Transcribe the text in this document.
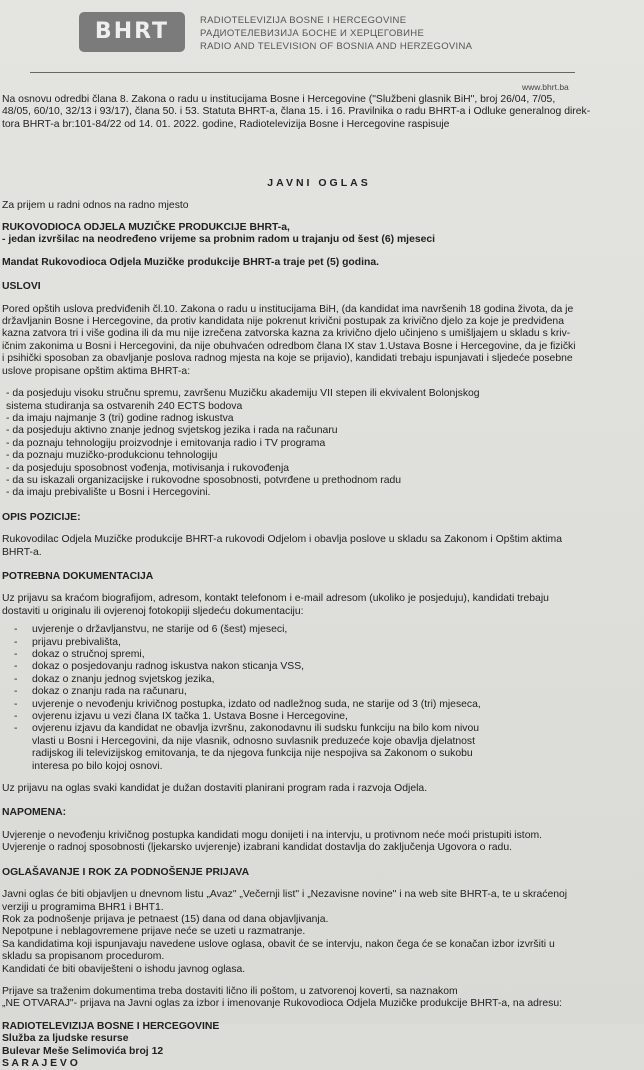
BHRT	RADIOTELEVIZIJA BOSNE I HERCEGOVINE
РАДИОТЕЛЕВИЗИЈА БОСНЕ И ХЕРЦЕГОВИНЕ
RADIO AND TELEVISION OF BOSNIA AND HERZEGOVINA
www.bhrt.ba

Na osnovu odredbi člana 8. Zakona o radu u institucijama Bosne i Hercegovine ("Službeni glasnik BiH", broj 26/04, 7/05,

48/05, 60/10, 32/13 i 93/17), člana 50. i 53. Statuta BHRT-a, člana 15. i 16. Pravilnika o radu BHRT-a i Odluke generalnog direk-

tora BHRT-a br:101-84/22 od 14. 01. 2022. godine, Radiotelevizija Bosne i Hercegovine raspisuje

JAVNI OGLAS

Za prijem u radni odnos na radno mjesto

RUKOVODIOCA ODJELA MUZIČKE PRODUKCIJE BHRT-a,

- jedan izvršilac na neodređeno vrijeme sa probnim radom u trajanju od šest (6) mjeseci

Mandat Rukovodioca Odjela Muzičke produkcije BHRT-a traje pet (5) godina.

USLOVI

Pored opštih uslova predviđenih čl.10. Zakona o radu u institucijama BiH, (da kandidat ima navršenih 18 godina života, da je

državljanin Bosne i Hercegovine, da protiv kandidata nije pokrenut krivični postupak za krivično djelo za koje je predviđena

kazna zatvora tri i više godina ili da mu nije izrečena zatvorska kazna za krivično djelo učinjeno s umišljajem u skladu s kriv-

ičnim zakonima u Bosni i Hercegovini, da nije obuhvaćen odredbom člana IX stav 1.Ustava Bosne i Hercegovine, da je fizički

i psihički sposoban za obavljanje poslova radnog mjesta na koje se prijavio), kandidati trebaju ispunjavati i sljedeće posebne

uslove propisane opštim aktima BHRT-a:

- da posjeduju visoku stručnu spremu, završenu Muzičku akademiju VII stepen ili ekvivalent Bolonjskog
sistema studiranja sa ostvarenih 240 ECTS bodova
- da imaju najmanje 3 (tri) godine radnog iskustva
- da posjeduju aktivno znanje jednog svjetskog jezika i rada na računaru
- da poznaju tehnologiju proizvodnje i emitovanja radio i TV programa
- da poznaju muzičko-produkcionu tehnologiju
- da posjeduju sposobnost vođenja, motivisanja i rukovođenja
- da su iskazali organizacijske i rukovodne sposobnosti, potvrđene u prethodnom radu
- da imaju prebivalište u Bosni i Hercegovini.

OPIS POZICIJE:

Rukovodilac Odjela Muzičke produkcije BHRT-a rukovodi Odjelom i obavlja poslove u skladu sa Zakonom i Opštim aktima

BHRT-a.

POTREBNA DOKUMENTACIJA

Uz prijavu sa kraćom biografijom, adresom, kontakt telefonom i e-mail adresom (ukoliko je posjeduju), kandidati trebaju

dostaviti u originalu ili ovjerenoj fotokopiji sljedeću dokumentaciju:

- uvjerenje o državljanstvu, ne starije od 6 (šest) mjeseci,
- prijavu prebivališta,
- dokaz o stručnoj spremi,
- dokaz o posjedovanju radnog iskustva nakon sticanja VSS,
- dokaz o znanju jednog svjetskog jezika,
- dokaz o znanju rada na računaru,
- uvjerenje o nevođenju krivičnog postupka, izdato od nadležnog suda, ne starije od 3 (tri) mjeseca,
- ovjerenu izjavu u vezi člana IX tačka 1. Ustava Bosne i Hercegovine,
- ovjerenu izjavu da kandidat ne obavlja izvršnu, zakonodavnu ili sudsku funkciju na bilo kom nivou
vlasti u Bosni i Hercegovini, da nije vlasnik, odnosno suvlasnik preduzeće koje obavlja djelatnost
radijskog ili televizijskog emitovanja, te da njegova funkcija nije nespojiva sa Zakonom o sukobu
interesa po bilo kojoj osnovi.

Uz prijavu na oglas svaki kandidat je dužan dostaviti planirani program rada i razvoja Odjela.

NAPOMENA:

Uvjerenje o nevođenju krivičnog postupka kandidati mogu donijeti i na intervju, u protivnom neće moći pristupiti istom.

Uvjerenje o radnoj sposobnosti (ljekarsko uvjerenje) izabrani kandidat dostavlja do zaključenja Ugovora o radu.

OGLAŠAVANJE I ROK ZA PODNOŠENJE PRIJAVA

Javni oglas će biti objavljen u dnevnom listu „Avaz" „Večernji list" i „Nezavisne novine" i na web site BHRT-a, te u skraćenoj

verziji u programima BHR1 i BHT1.

Rok za podnošenje prijava je petnaest (15) dana od dana objavljivanja.

Nepotpune i neblagovremene prijave neće se uzeti u razmatranje.

Sa kandidatima koji ispunjavaju navedene uslove oglasa, obavit će se intervju, nakon čega će se konačan izbor izvršiti u

skladu sa propisanom procedurom.

Kandidati će biti obaviješteni o ishodu javnog oglasa.

Prijave sa traženim dokumentima treba dostaviti lično ili poštom, u zatvorenoj koverti, sa naznakom

„NE OTVARAJ"- prijava na Javni oglas za izbor i imenovanje Rukovodioca Odjela Muzičke produkcije BHRT-a, na adresu:

RADIOTELEVIZIJA BOSNE I HERCEGOVINE

Služba za ljudske resurse

Bulevar Meše Selimovića broj 12

S A R A J E V O
